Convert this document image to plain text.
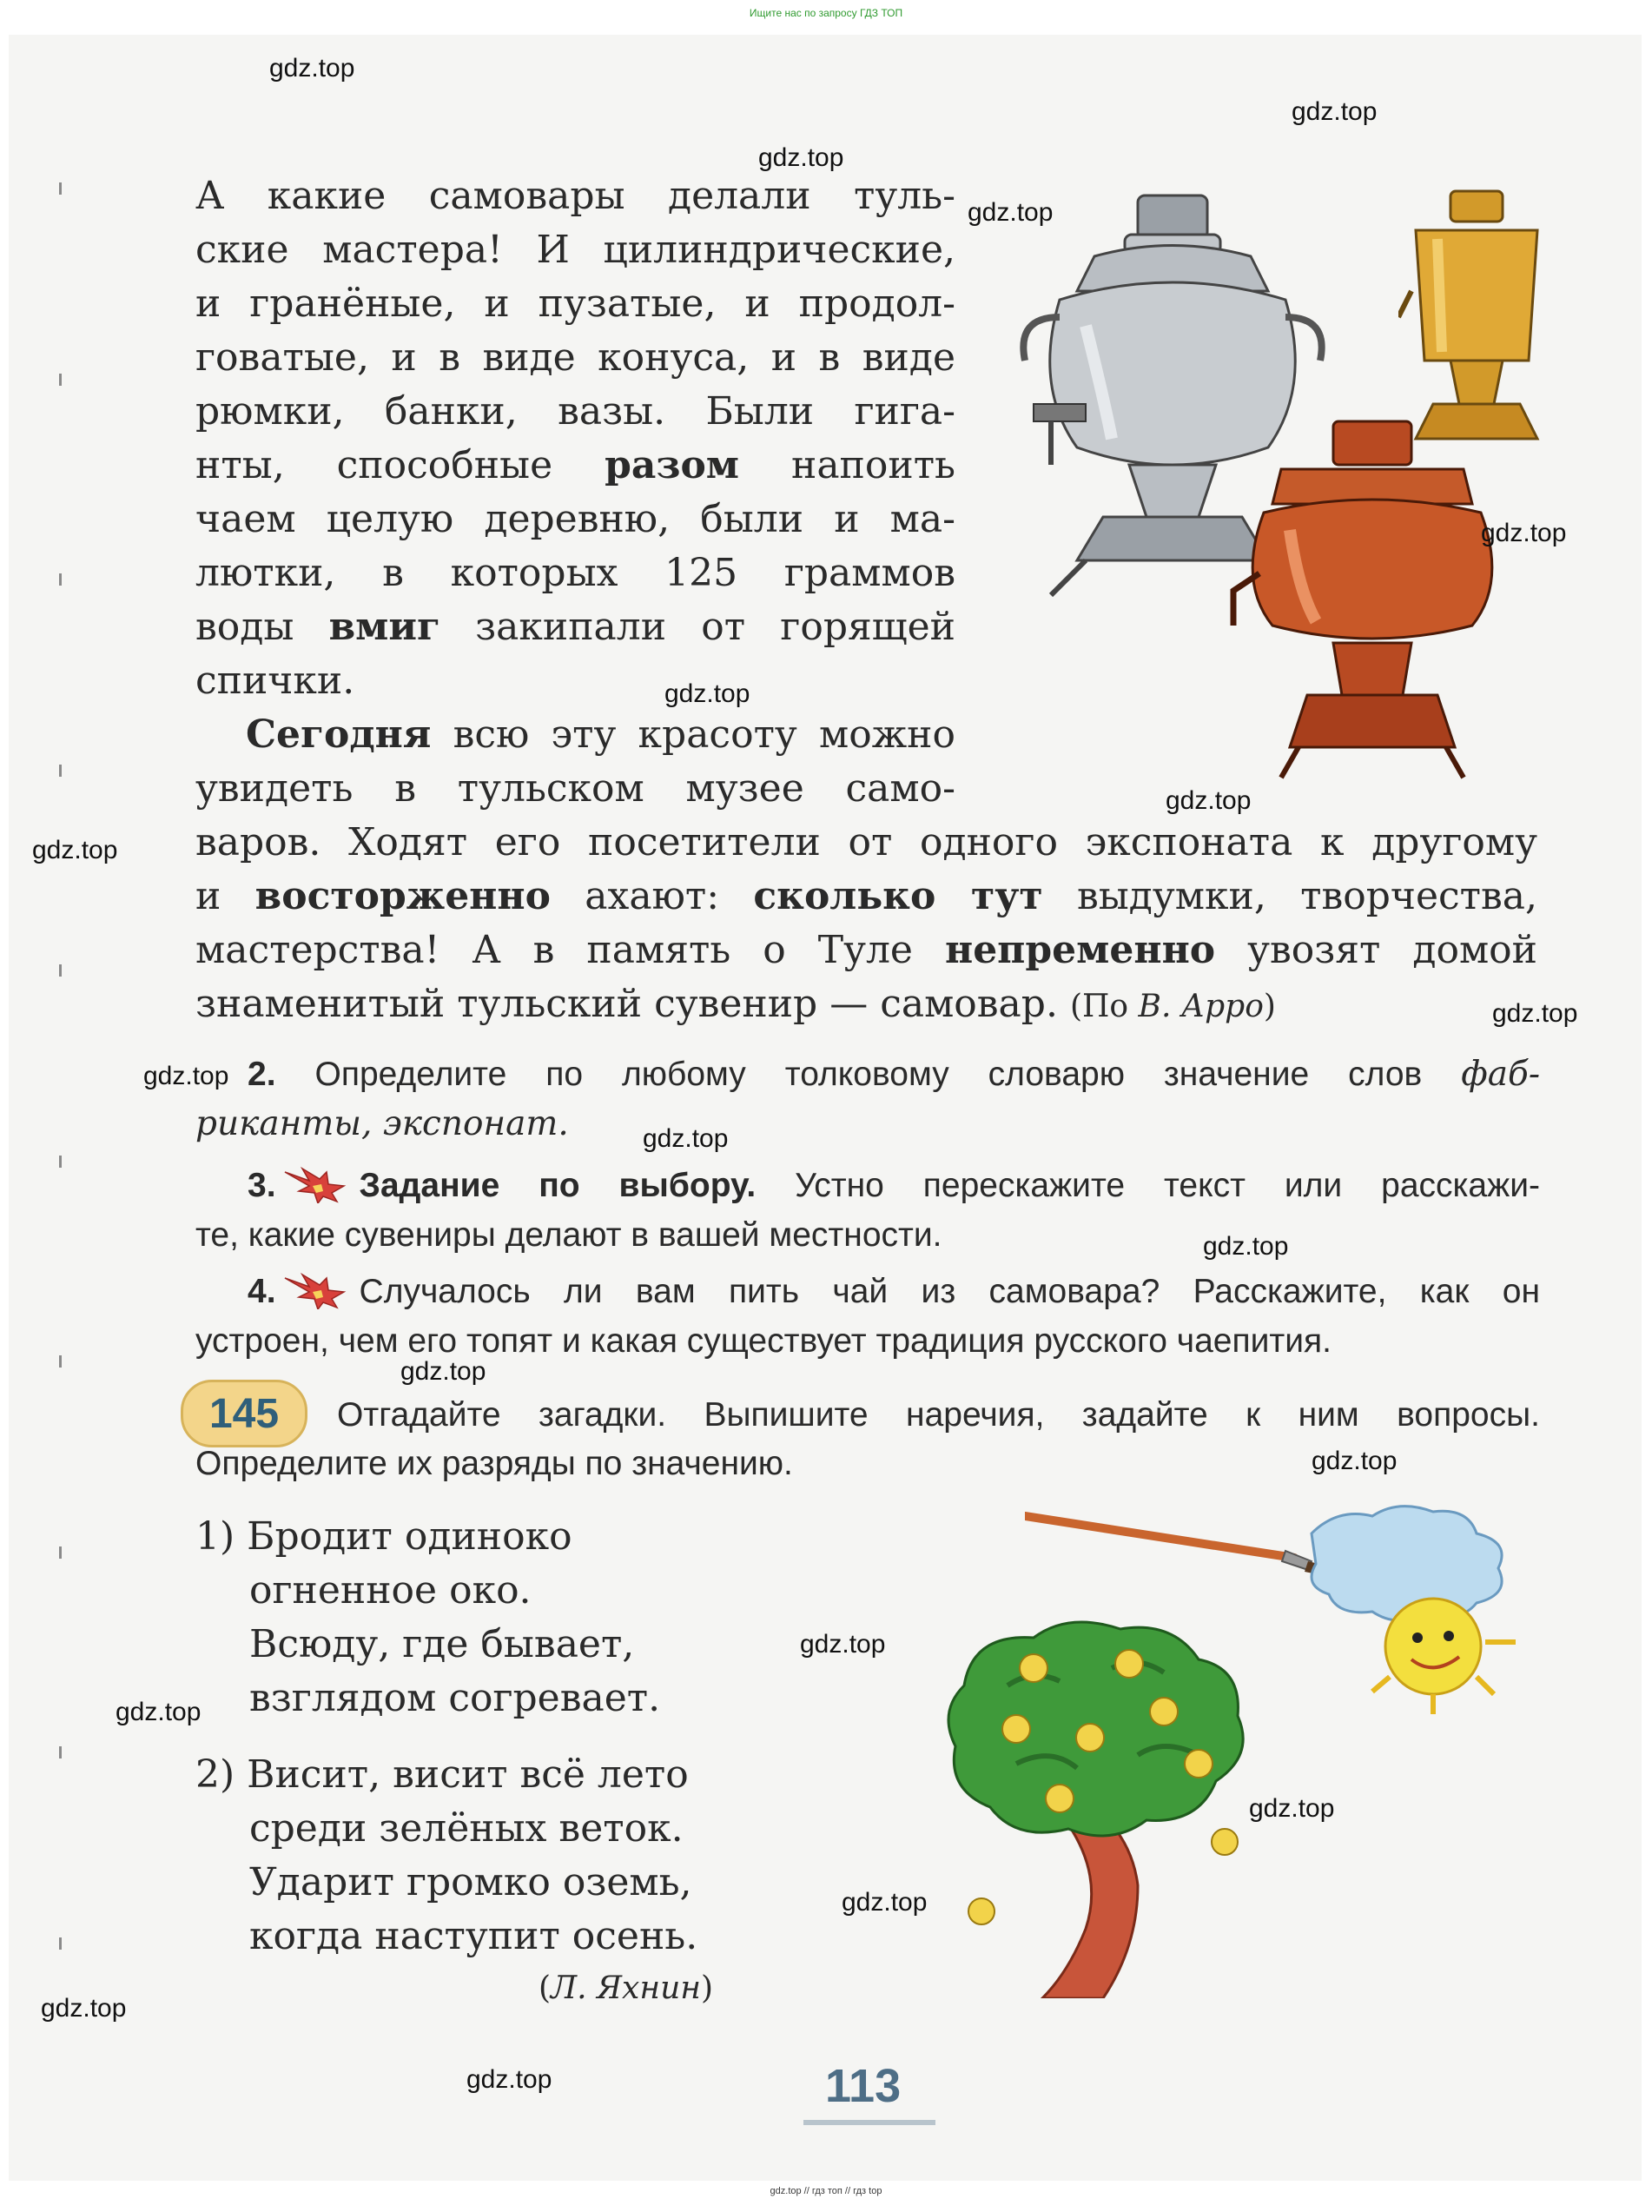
Ищите нас по запросу ГДЗ ТОП
А какие самовары делали туль-
ские мастера! И цилиндрические,
и гранёные, и пузатые, и продол-
говатые, и в виде конуса, и в виде
рюмки, банки, вазы. Были гига-
нты, способные разом напоить
чаем целую деревню, были и ма-
лютки, в которых 125 граммов
воды вмиг закипали от горящей
спички.
Сегодня всю эту красоту можно
увидеть в тульском музее само-
варов. Ходят его посетители от одного экспоната к другому
и восторженно ахают: сколько тут выдумки, творчества,
мастерства! А в память о Туле непременно увозят домой
знаменитый тульский сувенир — самовар. (По В. Арро)
2. Определите по любому толковому словарю значение слов фаб-
риканты, экспонат.
3. Задание по выбору. Устно перескажите текст или расскажи-
те, какие сувениры делают в вашей местности.
4. Случалось ли вам пить чай из самовара? Расскажите, как он
устроен, чем его топят и какая существует традиция русского чаепития.
145	Отгадайте загадки. Выпишите наречия, задайте к ним вопросы.
Определите их разряды по значению.
1) Бродит одиноко
огненное око.
Всюду, где бывает,
взглядом согревает.
2) Висит, висит всё лето
среди зелёных веток.
Ударит громко оземь,
когда наступит осень.
(Л. Яхнин)
113
gdz.top
gdz.top
gdz.top
gdz.top
gdz.top
gdz.top
gdz.top
gdz.top
gdz.top
gdz.top
gdz.top
gdz.top
gdz.top
gdz.top
gdz.top
gdz.top
gdz.top
gdz.top
gdz.top
gdz.top
gdz.top // гдз топ // гдз top
